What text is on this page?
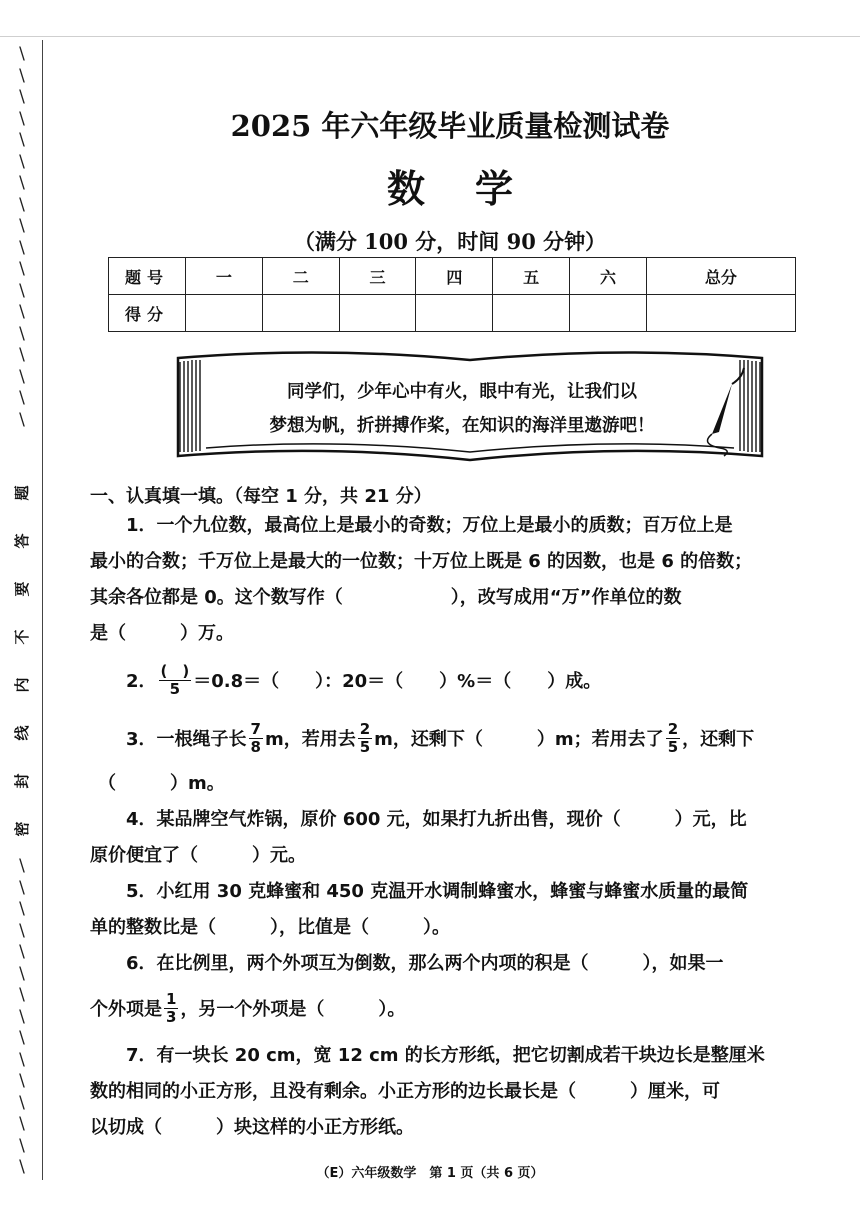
\
\
\
\
\
\
\
\
\
\
\
\
\
\
\
\
\
\
题
答
要
不
内
线
封
密
\
\
\
\
\
\
\
\
\
\
\
\
\
\
\
2025 年六年级毕业质量检测试卷
数学
（满分 100 分，时间 90 分钟）
题号	一	二	三	四	五	六	总分
得分							
同学们，少年心中有火，眼中有光，让我们以
梦想为帆，折拼搏作桨，在知识的海洋里遨游吧！
一、认真填一填。（每空 1 分，共 21 分）
1．一个九位数，最高位上是最小的奇数；万位上是最小的质数；百万位上是
最小的合数；千万位上是最大的一位数；十万位上既是 6 的因数，也是 6 的倍数；
其余各位都是 0。这个数写作（　　　　　　），改写成用“万”作单位的数
是（　　　）万。
2． $\frac{( )}{5} =0.8=$（　　）：20＝（　　）%＝（　　）成。
3．一根绳子长 $\frac{7}{8}$ m，若用去 $\frac{2}{5}$ m，还剩下（　　　）m；若用去了 $\frac{2}{5}$ ，还剩下
（　　　）m。
4．某品牌空气炸锅，原价 600 元，如果打九折出售，现价（　　　）元，比
原价便宜了（　　　）元。
5．小红用 30 克蜂蜜和 450 克温开水调制蜂蜜水，蜂蜜与蜂蜜水质量的最简
单的整数比是（　　　），比值是（　　　）。
6．在比例里，两个外项互为倒数，那么两个内项的积是（　　　），如果一
个外项是 $\frac{1}{3}$ ，另一个外项是（　　　）。
7．有一块长 20 cm，宽 12 cm 的长方形纸，把它切割成若干块边长是整厘米
数的相同的小正方形，且没有剩余。小正方形的边长最长是（　　　）厘米，可
以切成（　　　）块这样的小正方形纸。
（E）六年级数学　第 1 页（共 6 页）
